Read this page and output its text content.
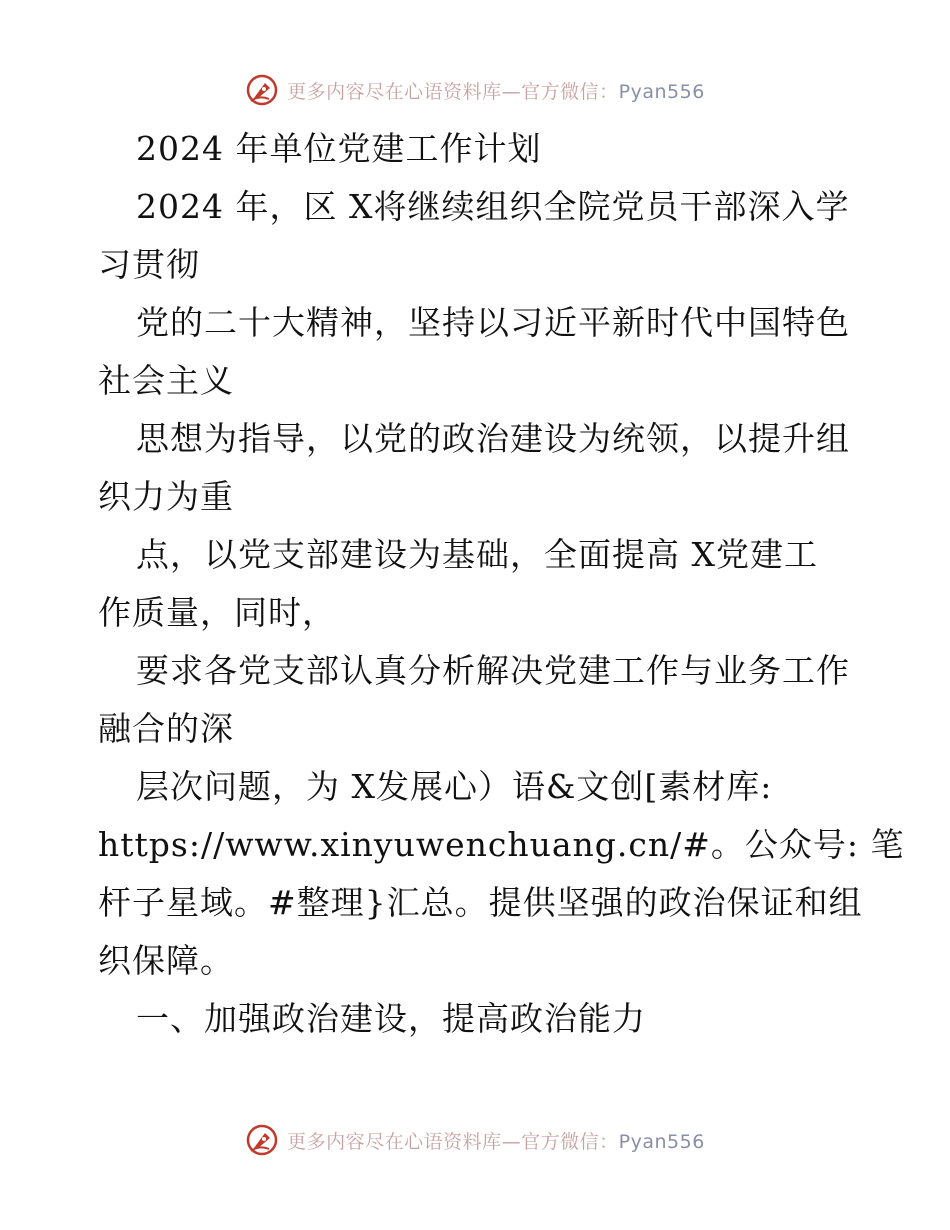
更多内容尽在心语资料库—官方微信：Pyan556
2024 年单位党建工作计划
2024 年，区 X将继续组织全院党员干部深入学
习贯彻
党的二十大精神，坚持以习近平新时代中国特色
社会主义
思想为指导，以党的政治建设为统领，以提升组
织力为重
点，以党支部建设为基础，全面提高 X党建工
作质量，同时，
要求各党支部认真分析解决党建工作与业务工作
融合的深
层次问题，为 X发展心）语&文创[素材库:
https://www.xinyuwenchuang.cn/#。公众号: 笔
杆子星域。#整理}汇总。提供坚强的政治保证和组
织保障。
一、加强政治建设，提高政治能力
更多内容尽在心语资料库—官方微信：Pyan556
